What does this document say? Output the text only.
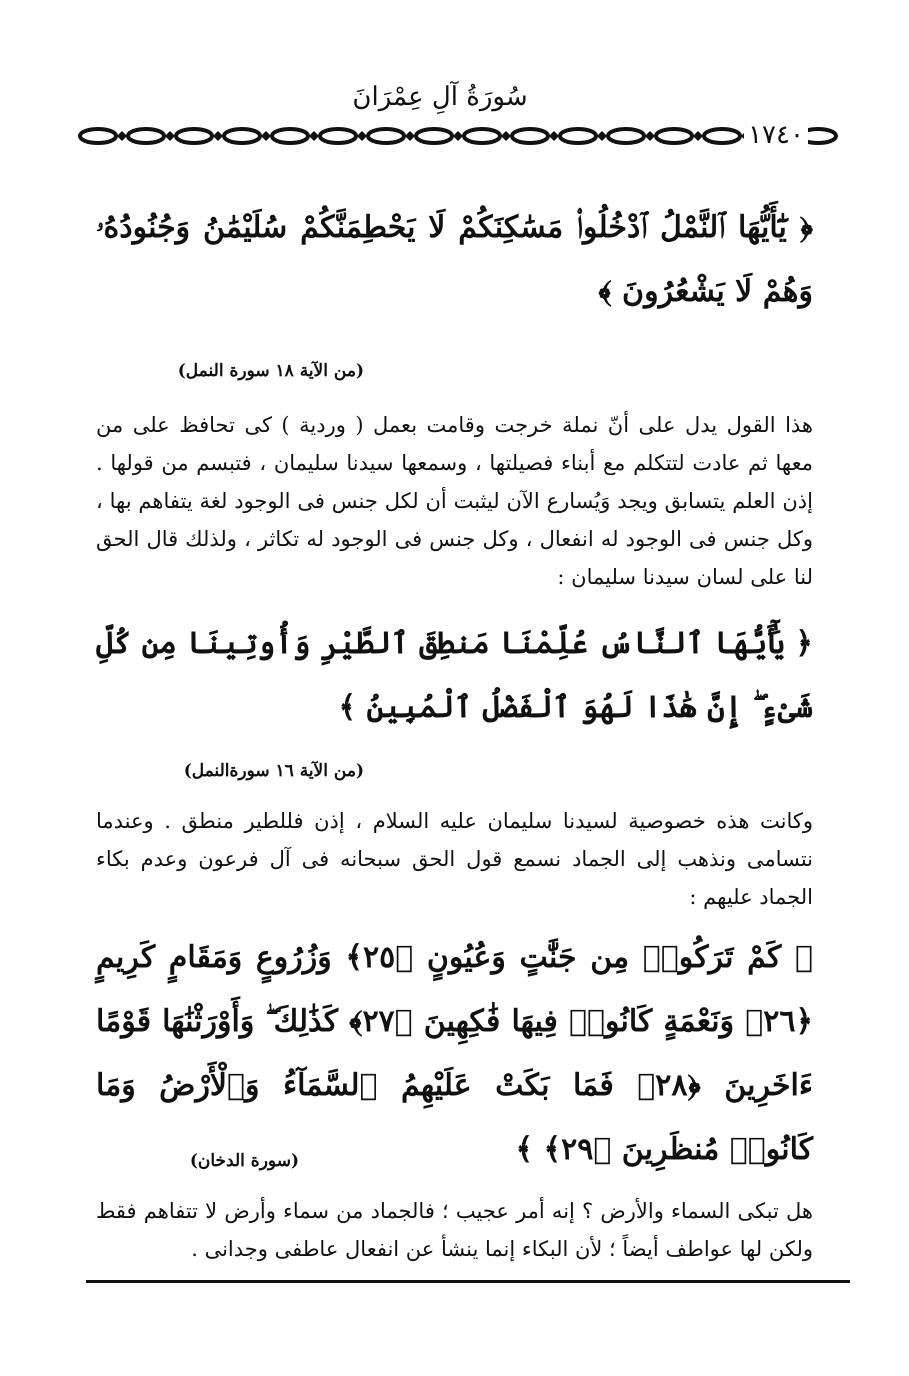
سُورَةُ آلِ عِمْرَانَ
١٧٤٠
﴿ يَٰٓأَيُّهَا ٱلنَّمْلُ ٱدْخُلُوا۟ مَسَٰكِنَكُمْ لَا يَحْطِمَنَّكُمْ سُلَيْمَٰنُ وَجُنُودُهُۥ وَهُمْ لَا يَشْعُرُونَ ﴾
(من الآية ١٨ سورة النمل)
هذا القول يدل على أنّ نملة خرجت وقامت بعمل ( وردية ) كى تحافظ على من معها ثم عادت لتتكلم مع أبناء فصيلتها ، وسمعها سيدنا سليمان ، فتبسم من قولها . إذن العلم يتسابق ويجد وَيُسارع الآن ليثبت أن لكل جنس فى الوجود لغة يتفاهم بها ، وكل جنس فى الوجود له انفعال ، وكل جنس فى الوجود له تكاثر ، ولذلك قال الحق لنا على لسان سيدنا سليمان :
﴿ يَٰٓأَيُّهَا ٱلنَّاسُ عُلِّمْنَا مَنطِقَ ٱلطَّيْرِ وَأُوتِينَا مِن كُلِّ شَىْءٍ ۖ إِنَّ هَٰذَا لَهُوَ ٱلْفَضْلُ ٱلْمُبِينُ ﴾
(من الآية ١٦ سورةالنمل)
وكانت هذه خصوصية لسيدنا سليمان عليه السلام ، إذن فللطير منطق . وعندما نتسامى ونذهب إلى الجماد نسمع قول الحق سبحانه فى آل فرعون وعدم بكاء الجماد عليهم :
﴿ كَمْ تَرَكُوا۟ مِن جَنَّٰتٍ وَعُيُونٍ ﴿٢٥﴾ وَزُرُوعٍ وَمَقَامٍ كَرِيمٍ ﴿٢٦﴾ وَنَعْمَةٍ كَانُوا۟ فِيهَا فَٰكِهِينَ ﴿٢٧﴾ كَذَٰلِكَ ۖ وَأَوْرَثْنَٰهَا قَوْمًا ءَاخَرِينَ ﴿٢٨﴾ فَمَا بَكَتْ عَلَيْهِمُ ٱلسَّمَآءُ وَٱلْأَرْضُ وَمَا كَانُوا۟ مُنظَرِينَ ﴿٢٩﴾ ﴾
(سورة الدخان)
هل تبكى السماء والأرض ؟ إنه أمر عجيب ؛ فالجماد من سماء وأرض لا تتفاهم فقط ولكن لها عواطف أيضاً ؛ لأن البكاء إنما ينشأ عن انفعال عاطفى وجدانى .
